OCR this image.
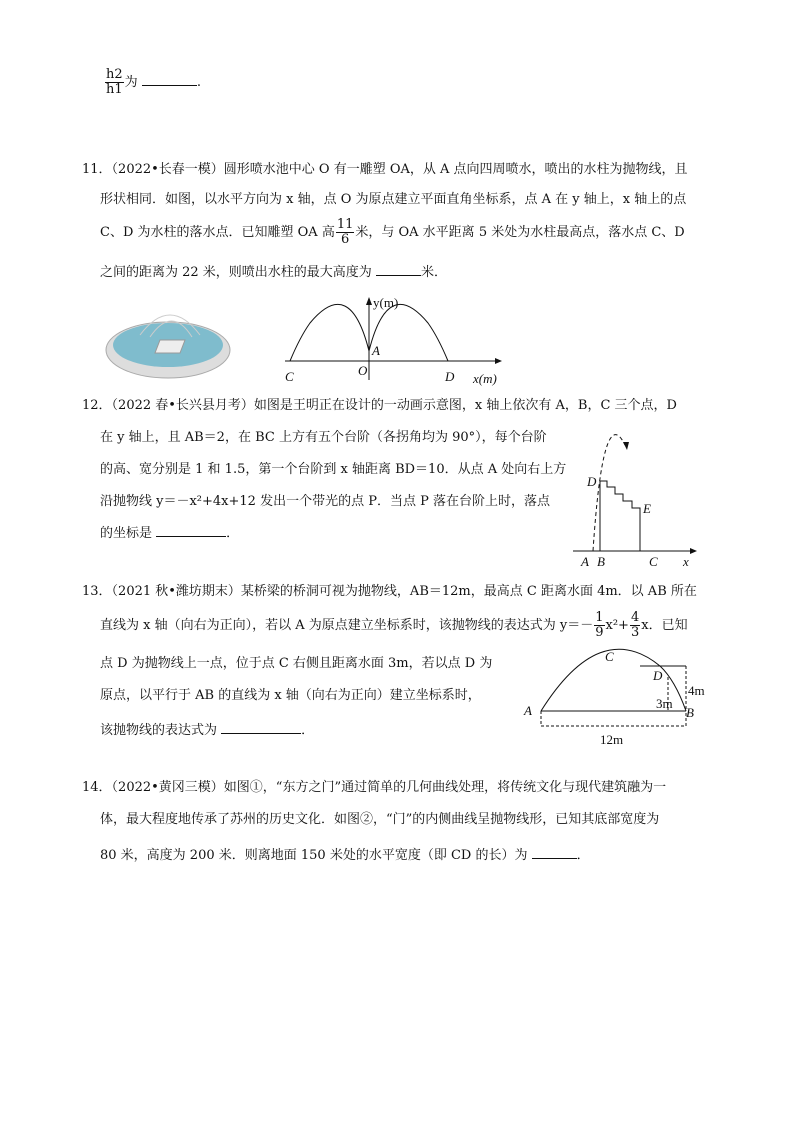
$\frac{h2}{h1}$ 为	.
11．（2022•长春一模）圆形喷水池中心 O 有一雕塑 OA，从 A 点向四周喷水，喷出的水柱为抛物线，且
形状相同．如图，以水平方向为 x 轴，点 O 为原点建立平面直角坐标系，点 A 在 y 轴上，x 轴上的点
C、D 为水柱的落水点．已知雕塑 OA 高 $\frac{11}{6}$ 米，与 OA 水平距离 5 米处为水柱最高点，落水点 C、D
之间的距离为 22 米，则喷出水柱的最大高度为	米．
y(m)
x(m)
A
O
C	D
12．（2022 春•长兴县月考）如图是王明正在设计的一动画示意图，x 轴上依次有 A，B，C 三个点，D
在 y 轴上，且 AB＝2，在 BC 上方有五个台阶（各拐角均为 90°），每个台阶
的高、宽分别是 1 和 1.5，第一个台阶到 x 轴距离 BD＝10．从点 A 处向右上方
沿抛物线 y＝－x²+4x+12 发出一个带光的点 P．当点 P 落在台阶上时，落点
的坐标是	．
D
E
A B	C x
13．（2021 秋•潍坊期末）某桥梁的桥洞可视为抛物线，AB＝12m，最高点 C 距离水面 4m．以 AB 所在
直线为 x 轴（向右为正向），若以 A 为原点建立坐标系时，该抛物线的表达式为 $y=- \frac{1}{9} x^2+ \frac{4}{3}$ x．已知
点 D 为抛物线上一点，位于点 C 右侧且距离水面 3m，若以点 D 为
原点，以平行于 AB 的直线为 x 轴（向右为正向）建立坐标系时，
该抛物线的表达式为	．
C
D
A	B
4m
3m
12m
14．（2022•黄冈三模）如图①，“东方之门”通过简单的几何曲线处理，将传统文化与现代建筑融为一
体，最大程度地传承了苏州的历史文化．如图②，“门”的内侧曲线呈抛物线形，已知其底部宽度为
80 米，高度为 200 米．则离地面 150 米处的水平宽度（即 CD 的长）为	．
